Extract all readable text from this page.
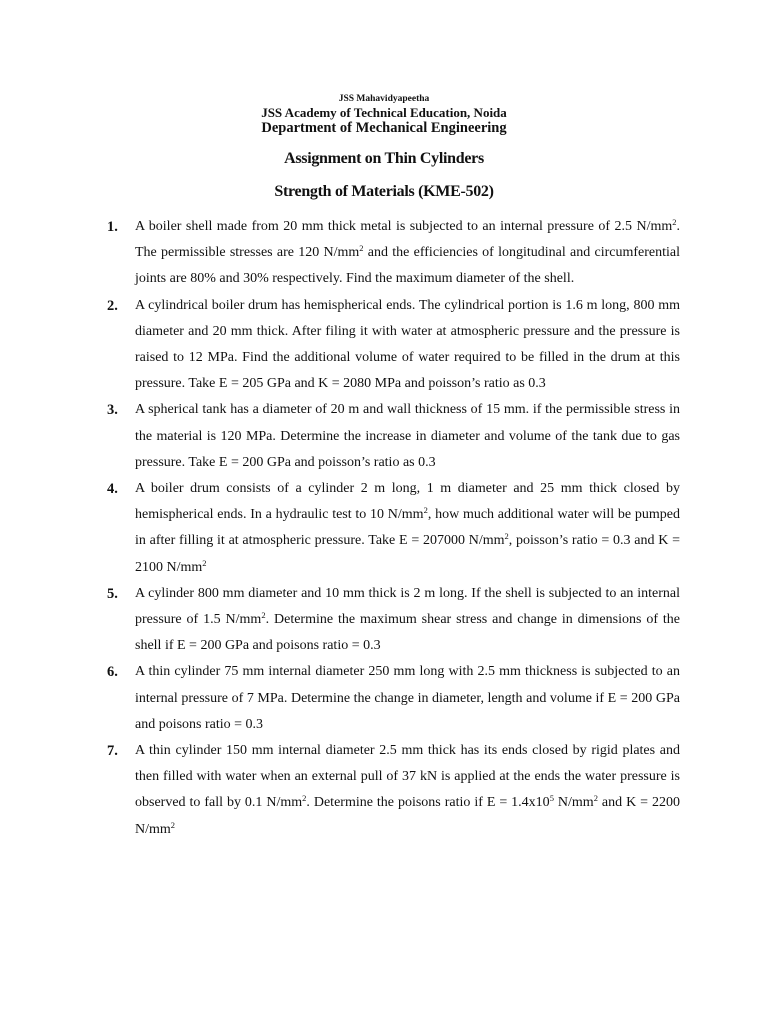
JSS Mahavidyapeetha
JSS Academy of Technical Education, Noida
Department of Mechanical Engineering
Assignment on Thin Cylinders
Strength of Materials (KME-502)
1. A boiler shell made from 20 mm thick metal is subjected to an internal pressure of 2.5 $N/mm^2$. The permissible stresses are 120 $N/mm^2$ and the efficiencies of longitudinal and circumferential joints are 80% and 30% respectively. Find the maximum diameter of the shell.
2. A cylindrical boiler drum has hemispherical ends. The cylindrical portion is 1.6 m long, 800 mm diameter and 20 mm thick. After filing it with water at atmospheric pressure and the pressure is raised to 12 MPa. Find the additional volume of water required to be filled in the drum at this pressure. Take E = 205 GPa and K = 2080 MPa and poisson’s ratio as 0.3
3. A spherical tank has a diameter of 20 m and wall thickness of 15 mm. if the permissible stress in the material is 120 MPa. Determine the increase in diameter and volume of the tank due to gas pressure. Take E = 200 GPa and poisson’s ratio as 0.3
4. A boiler drum consists of a cylinder 2 m long, 1 m diameter and 25 mm thick closed by hemispherical ends. In a hydraulic test to 10 $N/mm^2$, how much additional water will be pumped in after filling it at atmospheric pressure. Take E = 207000 $N/mm^2$, poisson’s ratio = 0.3 and K = 2100 $N/mm^2$
5. A cylinder 800 mm diameter and 10 mm thick is 2 m long. If the shell is subjected to an internal pressure of 1.5 $N/mm^2$. Determine the maximum shear stress and change in dimensions of the shell if E = 200 GPa and poisons ratio = 0.3
6. A thin cylinder 75 mm internal diameter 250 mm long with 2.5 mm thickness is subjected to an internal pressure of 7 MPa. Determine the change in diameter, length and volume if E = 200 GPa and poisons ratio = 0.3
7. A thin cylinder 150 mm internal diameter 2.5 mm thick has its ends closed by rigid plates and then filled with water when an external pull of 37 kN is applied at the ends the water pressure is observed to fall by 0.1 $N/mm^2$. Determine the poisons ratio if $E = 1.4x10^5$ $N/mm^2$ and K = 2200 $N/mm^2$
